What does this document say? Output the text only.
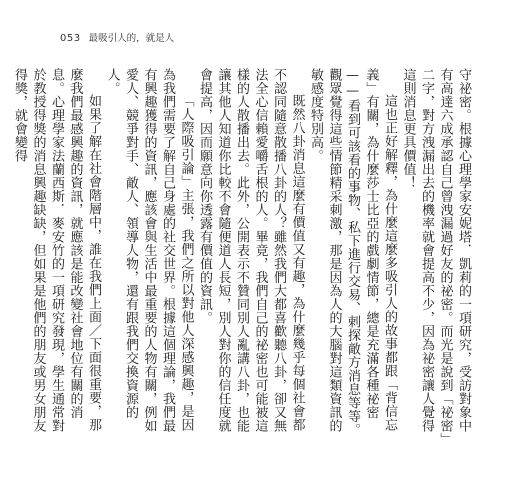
053 最吸引人的，就是人

守祕密。根據心理學家安妮塔．凱莉的一項研究，受訪對象中有高達六成承認自己曾洩漏過好友的祕密。而光是說到「祕密」二字，對方洩漏出去的機率就會提高不少，因為祕密讓人覺得這則消息更具價值！

這也正好解釋，為什麼這麼多吸引人的故事都跟「背信忘義」有關，為什麼莎士比亞的戲劇情節，總是充滿各種祕密——看到可該看的事物、私下進行交易、剌探敵方消息等等。觀眾覺得這些情節精采刺激，那是因為人的大腦對這類資訊的敏感度特別高。

既然八卦消息這麼有價值又有趣，為什麼幾乎每個社會都不認同隨意散播八卦的人？雖然我們大都喜歡聽八卦，卻又無法全心信賴愛嚼舌根的人。畢竟，我們自己的祕密也可能被這樣的人散播出去。此外，公開表示不贊同別人亂講八卦，也能讓其他人知道你比較不會隨便道人長短，別人對你的信任度就會提高，因而願意向你透露有價值的資訊。

「人際吸引論」主張，我們之所以對他人深感興趣，是因為我們需要了解自己身處的社交世界。根據這個理論，我們最有興趣獲得的資訊，應該會與生活中最重要的人物有關，例如愛人、競爭對手、敵人、領導人物，還有跟我們交換資源的人。

如果了解在社會階層中，誰在我們上面／下面很重要，那麼我們最感興趣的資訊，就應該是能改變社會地位有關的消息。心理學家法蘭西斯．麥安竹的一項研究發現，學生通常對於教授得獎的消息興趣缺缺，但如果是他們的朋友或男女朋友得獎，就會變得
